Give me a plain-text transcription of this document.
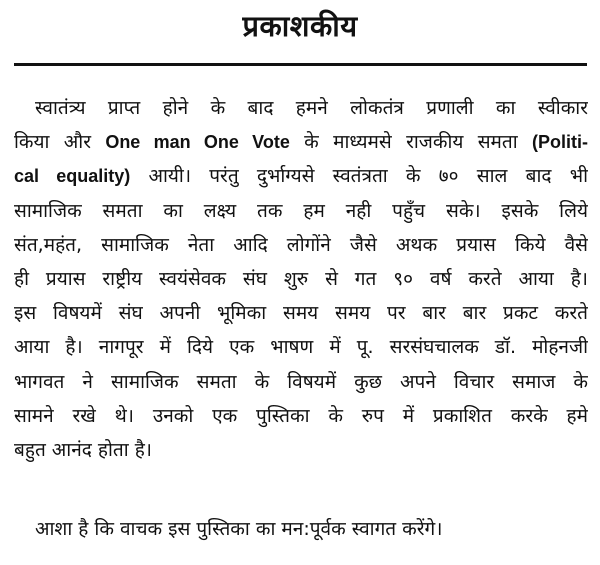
प्रकाशकीय
स्वातंत्र्य प्राप्त होने के बाद हमने लोकतंत्र प्रणाली का स्वीकार
किया और One man One Vote के माध्यमसे राजकीय समता (Politi-
cal equality) आयी। परंतु दुर्भाग्यसे स्वतंत्रता के ७० साल बाद भी
सामाजिक समता का लक्ष्य तक हम नही पहुँच सके। इसके लिये
संत,महंत, सामाजिक नेता आदि लोगोंने जैसे अथक प्रयास किये वैसे
ही प्रयास राष्ट्रीय स्वयंसेवक संघ शुरु से गत ९० वर्ष करते आया है।
इस विषयमें संघ अपनी भूमिका समय समय पर बार बार प्रकट करते
आया है। नागपूर में दिये एक भाषण में पू. सरसंघचालक डॉ. मोहनजी
भागवत ने सामाजिक समता के विषयमें कुछ अपने विचार समाज के
सामने रखे थे। उनको एक पुस्तिका के रुप में प्रकाशित करके हमे
बहुत आनंद होता है।
आशा है कि वाचक इस पुस्तिका का मन:पूर्वक स्वागत करेंगे।
